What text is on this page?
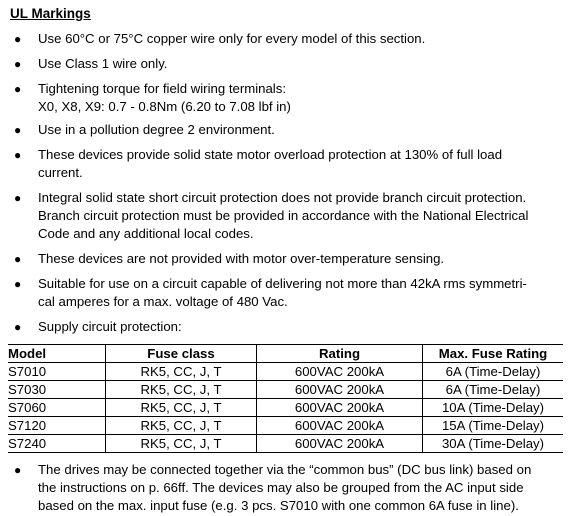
UL Markings
● Use 60°C or 75°C copper wire only for every model of this section.
● Use Class 1 wire only.
● Tightening torque for field wiring terminals:
X0, X8, X9: 0.7 - 0.8Nm (6.20 to 7.08 lbf in)
● Use in a pollution degree 2 environment.
● These devices provide solid state motor overload protection at 130% of full load
current.
● Integral solid state short circuit protection does not provide branch circuit protection.
Branch circuit protection must be provided in accordance with the National Electrical
Code and any additional local codes.
● These devices are not provided with motor over-temperature sensing.
● Suitable for use on a circuit capable of delivering not more than 42kA rms symmetri-
cal amperes for a max. voltage of 480 Vac.
● Supply circuit protection:
Model	Fuse class	Rating	Max. Fuse Rating
S7010	RK5, CC, J, T	600VAC 200kA	6A (Time-Delay)
S7030	RK5, CC, J, T	600VAC 200kA	6A (Time-Delay)
S7060	RK5, CC, J, T	600VAC 200kA	10A (Time-Delay)
S7120	RK5, CC, J, T	600VAC 200kA	15A (Time-Delay)
S7240	RK5, CC, J, T	600VAC 200kA	30A (Time-Delay)
● The drives may be connected together via the “common bus” (DC bus link) based on
the instructions on p. 66ff. The devices may also be grouped from the AC input side
based on the max. input fuse (e.g. 3 pcs. S7010 with one common 6A fuse in line).
